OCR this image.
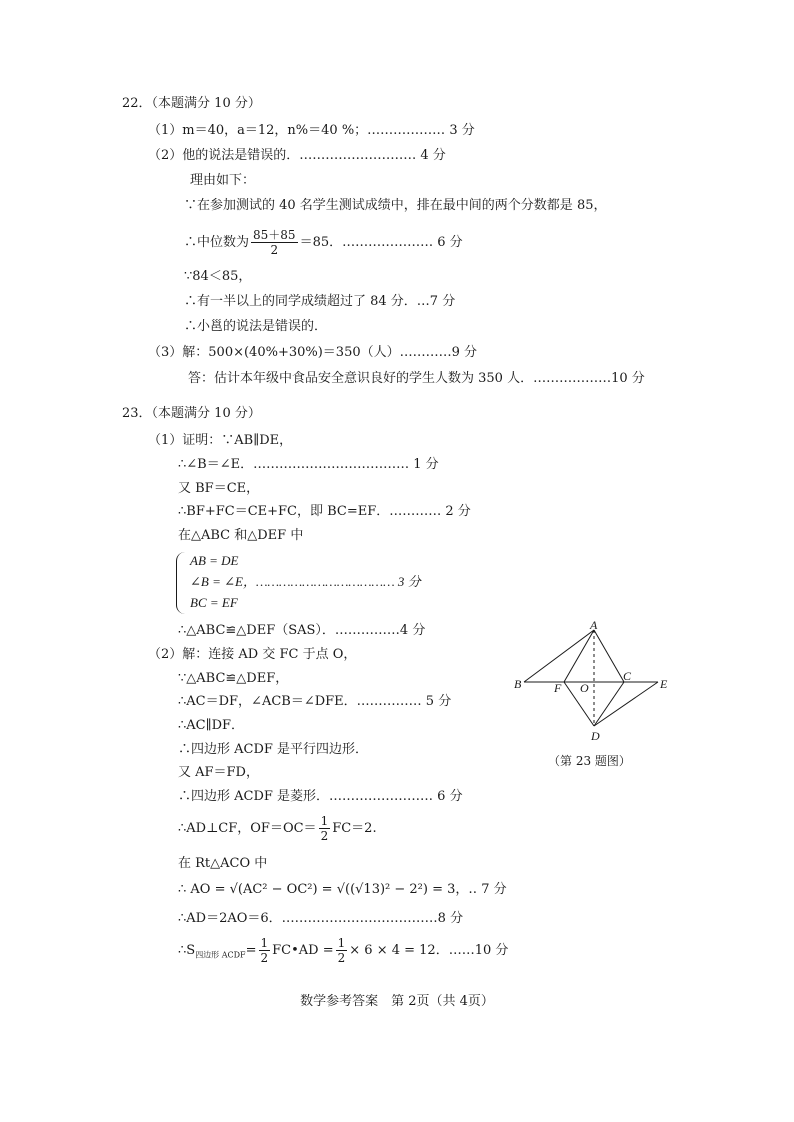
22．（本题满分 10 分）
（1）m＝40，a＝12，n%＝40 %；……………… 3 分
（2）他的说法是错误的．……………………… 4 分
理由如下：
∵在参加测试的 40 名学生测试成绩中，排在最中间的两个分数都是 85，
∴中位数为 $\frac{85+85}{2} =85$．………………… 6 分
∵84＜85，
∴有一半以上的同学成绩超过了 84 分．…7 分
∴小邕的说法是错误的．
（3）解：500×(40%+30%)＝350（人）…………9 分
答：估计本年级中食品安全意识良好的学生人数为 350 人．………………10 分
23．（本题满分 10 分）
（1）证明：∵AB∥DE，
∴∠B＝∠E．……………………………… 1 分
又 BF＝CE，
∴BF+FC＝CE+FC，即 BC=EF．………… 2 分
在△ABC 和△DEF 中
AB = DE
∠B = ∠E，……………………………… 3 分
BC = EF
∴△ABC≌△DEF（SAS）．……………4 分
（2）解：连接 AD 交 FC 于点 O，
∵△ABC≌△DEF，
∴AC＝DF，∠ACB＝∠DFE．…………… 5 分
∴AC∥DF．
∴四边形 ACDF 是平行四边形．
又 AF＝FD，
∴四边形 ACDF 是菱形．…………………… 6 分
∴AD⊥CF，$OF=OC= \frac{1}{2} FC=2$.
在 Rt△ACO 中
∴ AO = √(AC² − OC²) = √((√13)² − 2²) = 3，‥ 7 分
∴AD＝2AO＝6．………………………………8 分
$\therefore S_{四边形 ACDF}= \frac{1}{2}$ FC•AD = $\frac{1}{2} \times 6 \times 4 = 12$．……10 分
A
B	F O
C
E
D
（第 23 题图）
数学参考答案　第 2页（共 4页）
